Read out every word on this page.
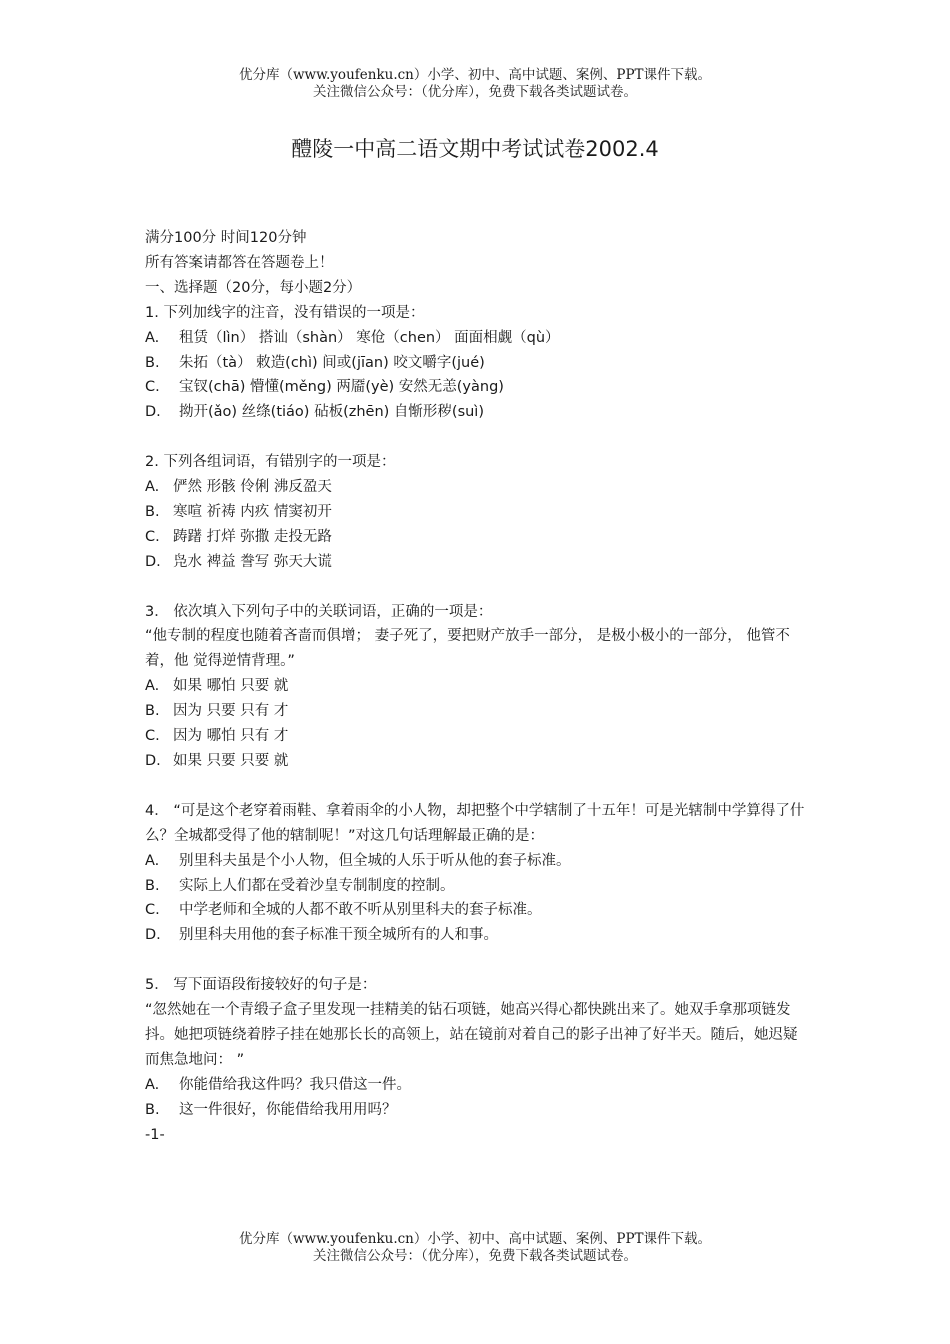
优分库（www.youfenku.cn）小学、初中、高中试题、案例、PPT课件下载。
关注微信公众号：（优分库），免费下载各类试题试卷。
醴陵一中高二语文期中考试试卷2002.4
满分100分 时间120分钟
所有答案请都答在答题卷上！
一、选择题（20分，每小题2分）
1. 下列加线字的注音，没有错误的一项是：
A. 租赁（lìn） 搭讪（shàn） 寒伧（chen） 面面相觑（qù）
B. 朱拓（tà） 敕造(chì) 间或(jīan) 咬文嚼字(jué)
C. 宝钗(chā) 懵懂(měng) 两靥(yè) 安然无恙(yàng)
D. 拗开(ǎo) 丝绦(tiáo) 砧板(zhēn) 自惭形秽(suì)
2. 下列各组词语，有错别字的一项是：
A. 俨然 形骸 伶俐 沸反盈天
B. 寒喧 祈祷 内疚 情窦初开
C. 踌躇 打烊 弥撒 走投无路
D. 凫水 裨益 誊写 弥天大谎
3． 依次填入下列句子中的关联词语，正确的一项是：
“他专制的程度也随着吝啬而俱增； 妻子死了，要把财产放手一部分， 是极小极小的一部分， 他管不着，他 觉得逆情背理。”
A. 如果 哪怕 只要 就
B. 因为 只要 只有 才
C. 因为 哪怕 只有 才
D. 如果 只要 只要 就
4． “可是这个老穿着雨鞋、拿着雨伞的小人物，却把整个中学辖制了十五年！可是光辖制中学算得了什么？全城都受得了他的辖制呢！”对这几句话理解最正确的是：
A. 别里科夫虽是个小人物，但全城的人乐于听从他的套子标准。
B. 实际上人们都在受着沙皇专制制度的控制。
C. 中学老师和全城的人都不敢不听从别里科夫的套子标准。
D. 别里科夫用他的套子标准干预全城所有的人和事。
5． 写下面语段衔接较好的句子是：
“忽然她在一个青缎子盒子里发现一挂精美的钻石项链，她高兴得心都快跳出来了。她双手拿那项链发抖。她把项链绕着脖子挂在她那长长的高领上，站在镜前对着自己的影子出神了好半天。随后，她迟疑而焦急地问： ”
A. 你能借给我这件吗？我只借这一件。
B. 这一件很好，你能借给我用用吗？
-1-
优分库（www.youfenku.cn）小学、初中、高中试题、案例、PPT课件下载。
关注微信公众号：（优分库），免费下载各类试题试卷。
